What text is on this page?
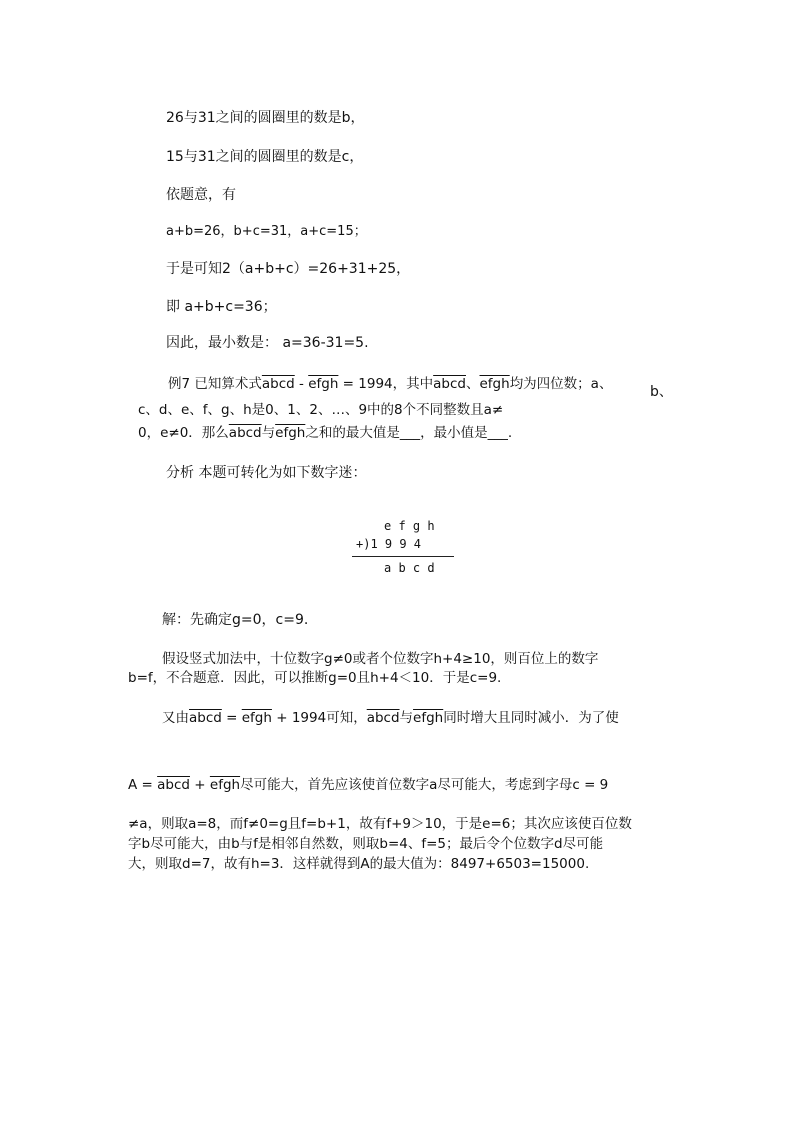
26与31之间的圆圈里的数是b，
15与31之间的圆圈里的数是c，
依题意，有
a+b=26，b+c=31，a+c=15；
于是可知2（a+b+c）=26+31+25，
即 a+b+c=36；
因此，最小数是： a=36-31=5.
例7 已知算术式abcd - efgh = 1994，其中abcd、efgh均为四位数；a、	b、
c、d、e、f、g、h是0、1、2、…、9中的8个不同整数且a≠
0，e≠0．那么abcd与efgh之和的最大值是___，最小值是___.
分析 本题可转化为如下数字迷：
e f g h
+)1 9 9 4
a b c d
解：先确定g=0，c=9.
假设竖式加法中，十位数字g≠0或者个位数字h+4≥10，则百位上的数字
b=f，不合题意．因此，可以推断g=0且h+4＜10．于是c=9.
又由abcd = efgh + 1994可知，abcd与efgh同时增大且同时减小．为了使
A = abcd + efgh尽可能大，首先应该使首位数字a尽可能大，考虑到字母c = 9
≠a，则取a=8，而f≠0=g且f=b+1，故有f+9＞10，于是e=6；其次应该使百位数
字b尽可能大，由b与f是相邻自然数，则取b=4、f=5；最后令个位数字d尽可能
大，则取d=7，故有h=3．这样就得到A的最大值为：8497+6503=15000.
